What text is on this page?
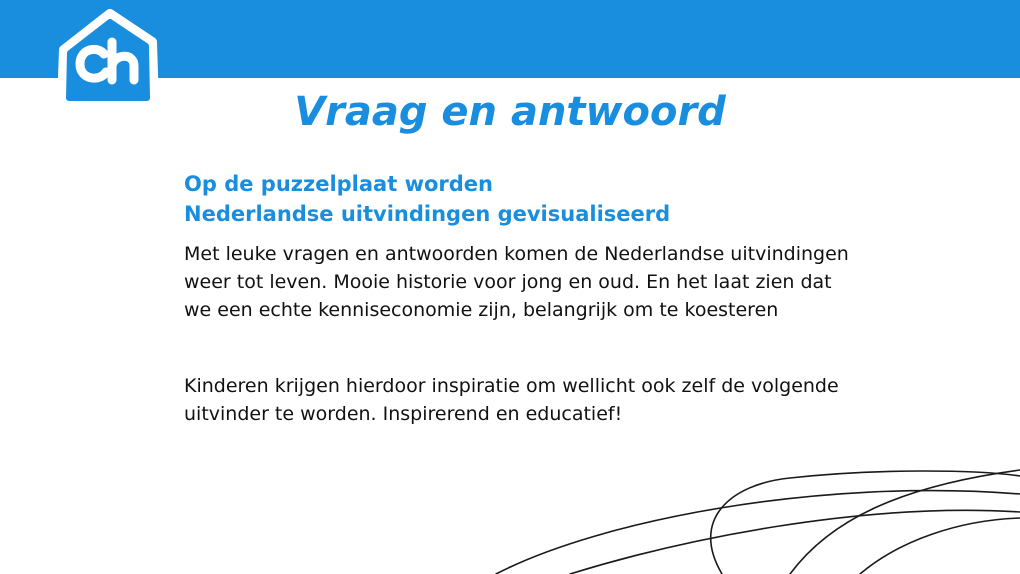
Vraag en antwoord
Op de puzzelplaat worden
Nederlandse uitvindingen gevisualiseerd

Met leuke vragen en antwoorden komen de Nederlandse uitvindingen
weer tot leven. Mooie historie voor jong en oud. En het laat zien dat
we een echte kenniseconomie zijn, belangrijk om te koesteren

Kinderen krijgen hierdoor inspiratie om wellicht ook zelf de volgende
uitvinder te worden. Inspirerend en educatief!
